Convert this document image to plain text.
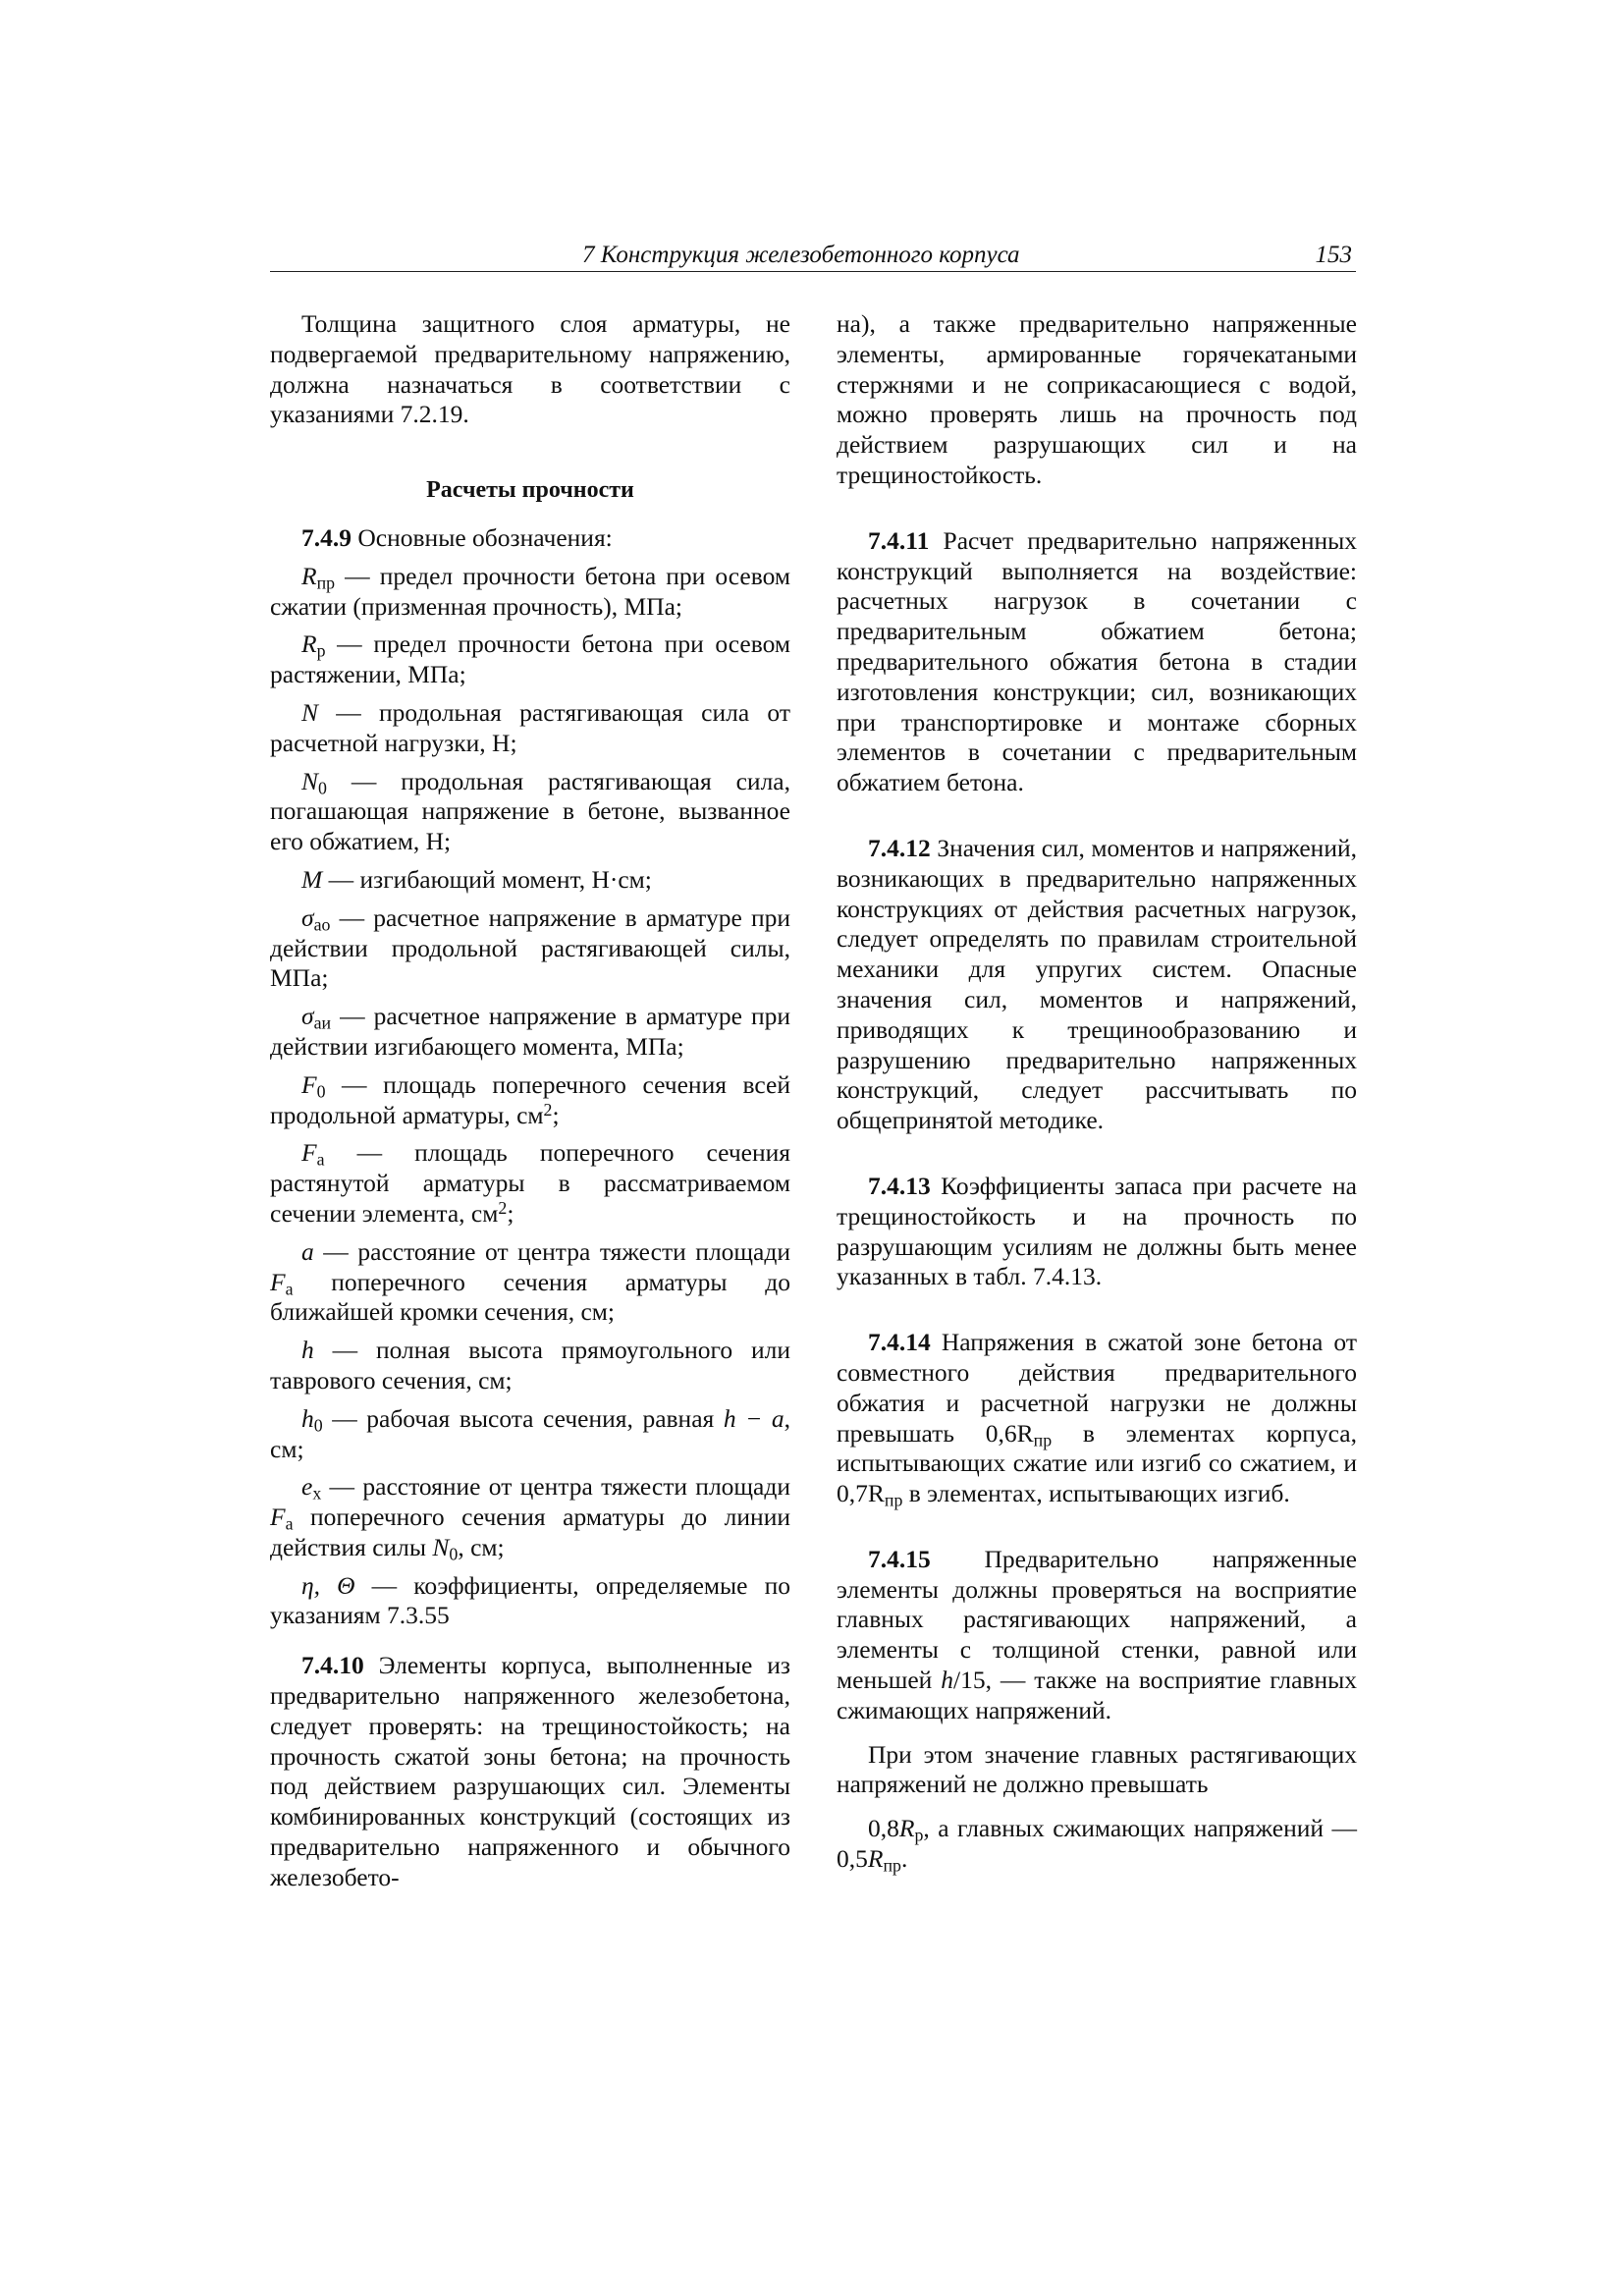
7 Конструкция железобетонного корпуса	153

Толщина защитного слоя арматуры, не подвергаемой предварительному напряжению, должна назначаться в соответствии с указаниями 7.2.19.

Расчеты прочности

7.4.9 Основные обозначения:

$R_{пр}$ — предел прочности бетона при осевом сжатии (призменная прочность), МПа;

$R_р$ — предел прочности бетона при осевом растяжении, МПа;

N — продольная растягивающая сила от расчетной нагрузки, Н;

$N_0$ — продольная растягивающая сила, погашающая напряжение в бетоне, вызванное его обжатием, Н;

M — изгибающий момент, Н·см;

$\sigma_{ао}$ — расчетное напряжение в арматуре при действии продольной растягивающей силы, МПа;

$\sigma_{аи}$ — расчетное напряжение в арматуре при действии изгибающего момента, МПа;

$F_0$ — площадь поперечного сечения всей продольной арматуры, $см^2$;

$F_а$ — площадь поперечного сечения растянутой арматуры в рассматриваемом сечении элемента, $см^2$;

a — расстояние от центра тяжести площади $F_а$ поперечного сечения арматуры до ближайшей кромки сечения, см;

h — полная высота прямоугольного или таврового сечения, см;

$h_0$ — рабочая высота сечения, равная h − a, см;

$e_x$ — расстояние от центра тяжести площади $F_а$ поперечного сечения арматуры до линии действия силы $N_0$, см;

η, Θ — коэффициенты, определяемые по указаниям 7.3.55

7.4.10 Элементы корпуса, выполненные из предварительно напряженного железобетона, следует проверять: на трещиностойкость; на прочность сжатой зоны бетона; на прочность под действием разрушающих сил. Элементы комбинированных конструкций (состоящих из предварительно напряженного и обычного железобето-

на), а также предварительно напряженные элементы, армированные горячекатаными стержнями и не соприкасающиеся с водой, можно проверять лишь на прочность под действием разрушающих сил и на трещиностойкость.

7.4.11 Расчет предварительно напряженных конструкций выполняется на воздействие: расчетных нагрузок в сочетании с предварительным обжатием бетона; предварительного обжатия бетона в стадии изготовления конструкции; сил, возникающих при транспортировке и монтаже сборных элементов в сочетании с предварительным обжатием бетона.

7.4.12 Значения сил, моментов и напряжений, возникающих в предварительно напряженных конструкциях от действия расчетных нагрузок, следует определять по правилам строительной механики для упругих систем. Опасные значения сил, моментов и напряжений, приводящих к трещинообразованию и разрушению предварительно напряженных конструкций, следует рассчитывать по общепринятой методике.

7.4.13 Коэффициенты запаса при расчете на трещиностойкость и на прочность по разрушающим усилиям не должны быть менее указанных в табл. 7.4.13.

7.4.14 Напряжения в сжатой зоне бетона от совместного действия предварительного обжатия и расчетной нагрузки не должны превышать $0,6R_{пр}$ в элементах корпуса, испытывающих сжатие или изгиб со сжатием, и $0,7R_{пр}$ в элементах, испытывающих изгиб.

7.4.15 Предварительно напряженные элементы должны проверяться на восприятие главных растягивающих напряжений, а элементы с толщиной стенки, равной или меньшей h/15, — также на восприятие главных сжимающих напряжений.

При этом значение главных растягивающих напряжений не должно превышать

$0,8R_р$, а главных сжимающих напряжений — $0,5R_{пр}$.
